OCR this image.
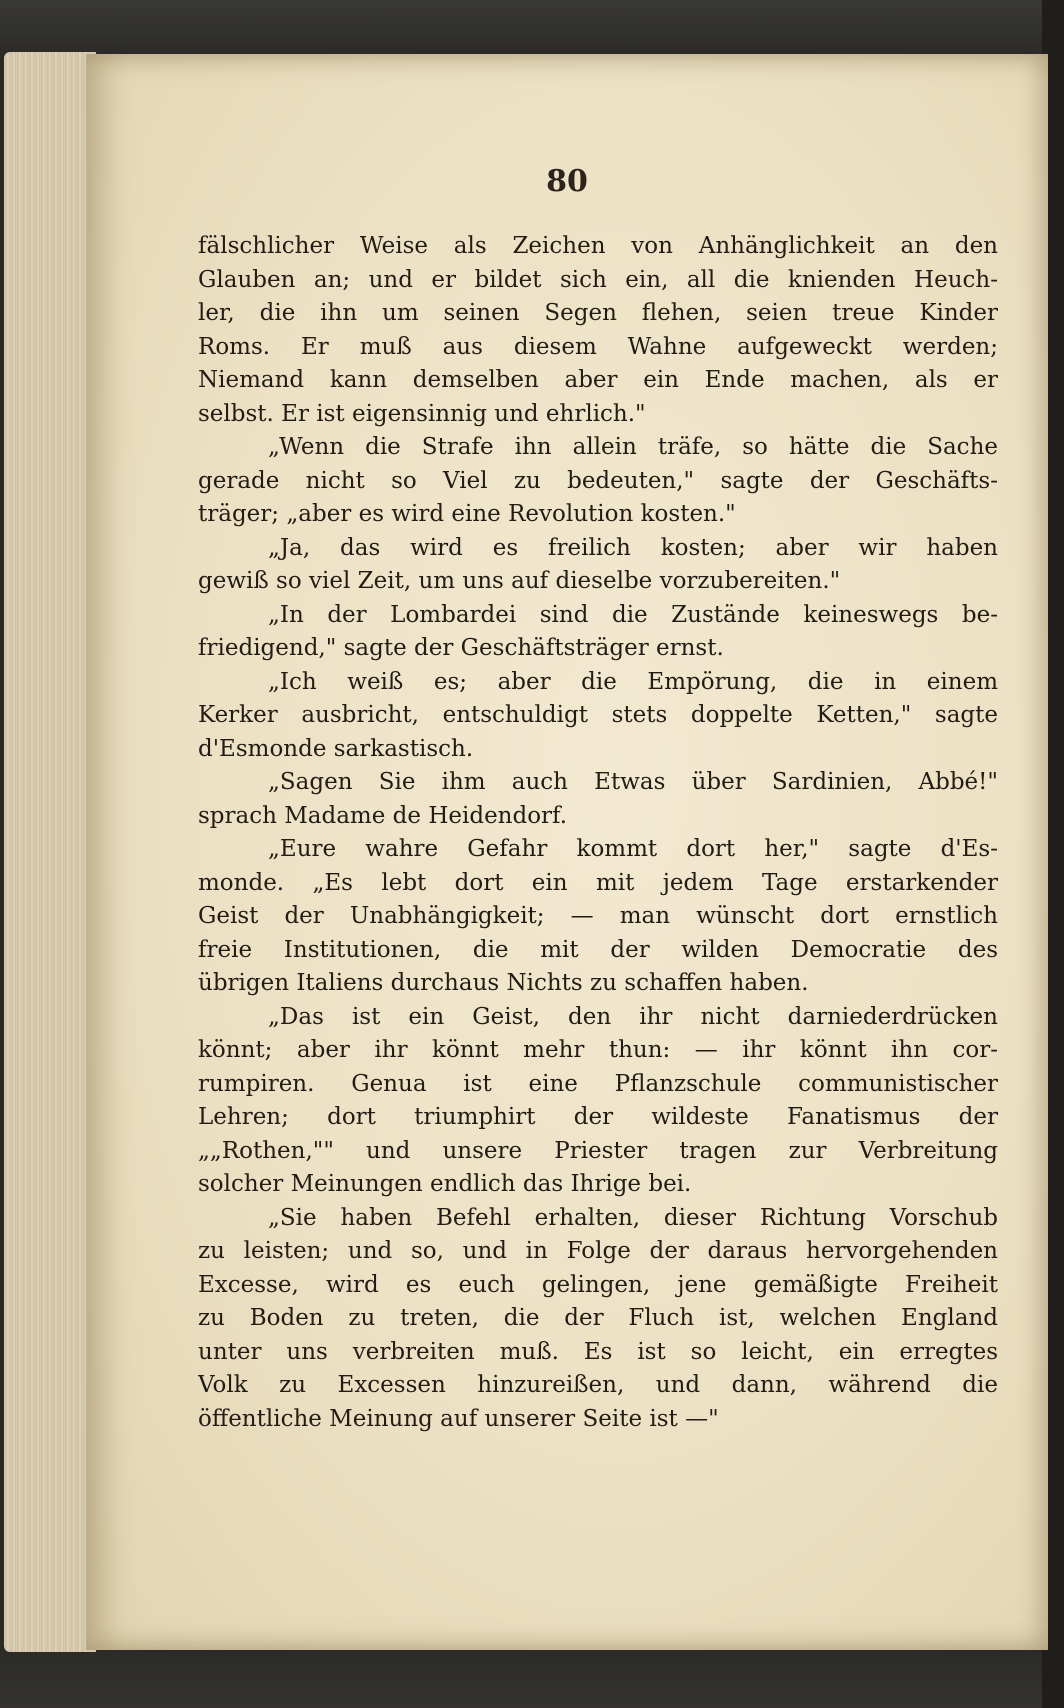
80
fälschlicher Weise als Zeichen von Anhänglichkeit an den
Glauben an; und er bildet sich ein, all die knienden Heuch-
ler, die ihn um seinen Segen flehen, seien treue Kinder
Roms. Er muß aus diesem Wahne aufgeweckt werden;
Niemand kann demselben aber ein Ende machen, als er
selbst. Er ist eigensinnig und ehrlich."
„Wenn die Strafe ihn allein träfe, so hätte die Sache
gerade nicht so Viel zu bedeuten," sagte der Geschäfts-
träger; „aber es wird eine Revolution kosten."
„Ja, das wird es freilich kosten; aber wir haben
gewiß so viel Zeit, um uns auf dieselbe vorzubereiten."
„In der Lombardei sind die Zustände keineswegs be-
friedigend," sagte der Geschäftsträger ernst.
„Ich weiß es; aber die Empörung, die in einem
Kerker ausbricht, entschuldigt stets doppelte Ketten," sagte
d'Esmonde sarkastisch.
„Sagen Sie ihm auch Etwas über Sardinien, Abbé!"
sprach Madame de Heidendorf.
„Eure wahre Gefahr kommt dort her," sagte d'Es-
monde. „Es lebt dort ein mit jedem Tage erstarkender
Geist der Unabhängigkeit; — man wünscht dort ernstlich
freie Institutionen, die mit der wilden Democratie des
übrigen Italiens durchaus Nichts zu schaffen haben.
„Das ist ein Geist, den ihr nicht darniederdrücken
könnt; aber ihr könnt mehr thun: — ihr könnt ihn cor-
rumpiren. Genua ist eine Pflanzschule communistischer
Lehren; dort triumphirt der wildeste Fanatismus der
„„Rothen,"" und unsere Priester tragen zur Verbreitung
solcher Meinungen endlich das Ihrige bei.
„Sie haben Befehl erhalten, dieser Richtung Vorschub
zu leisten; und so, und in Folge der daraus hervorgehenden
Excesse, wird es euch gelingen, jene gemäßigte Freiheit
zu Boden zu treten, die der Fluch ist, welchen England
unter uns verbreiten muß. Es ist so leicht, ein erregtes
Volk zu Excessen hinzureißen, und dann, während die
öffentliche Meinung auf unserer Seite ist —"
